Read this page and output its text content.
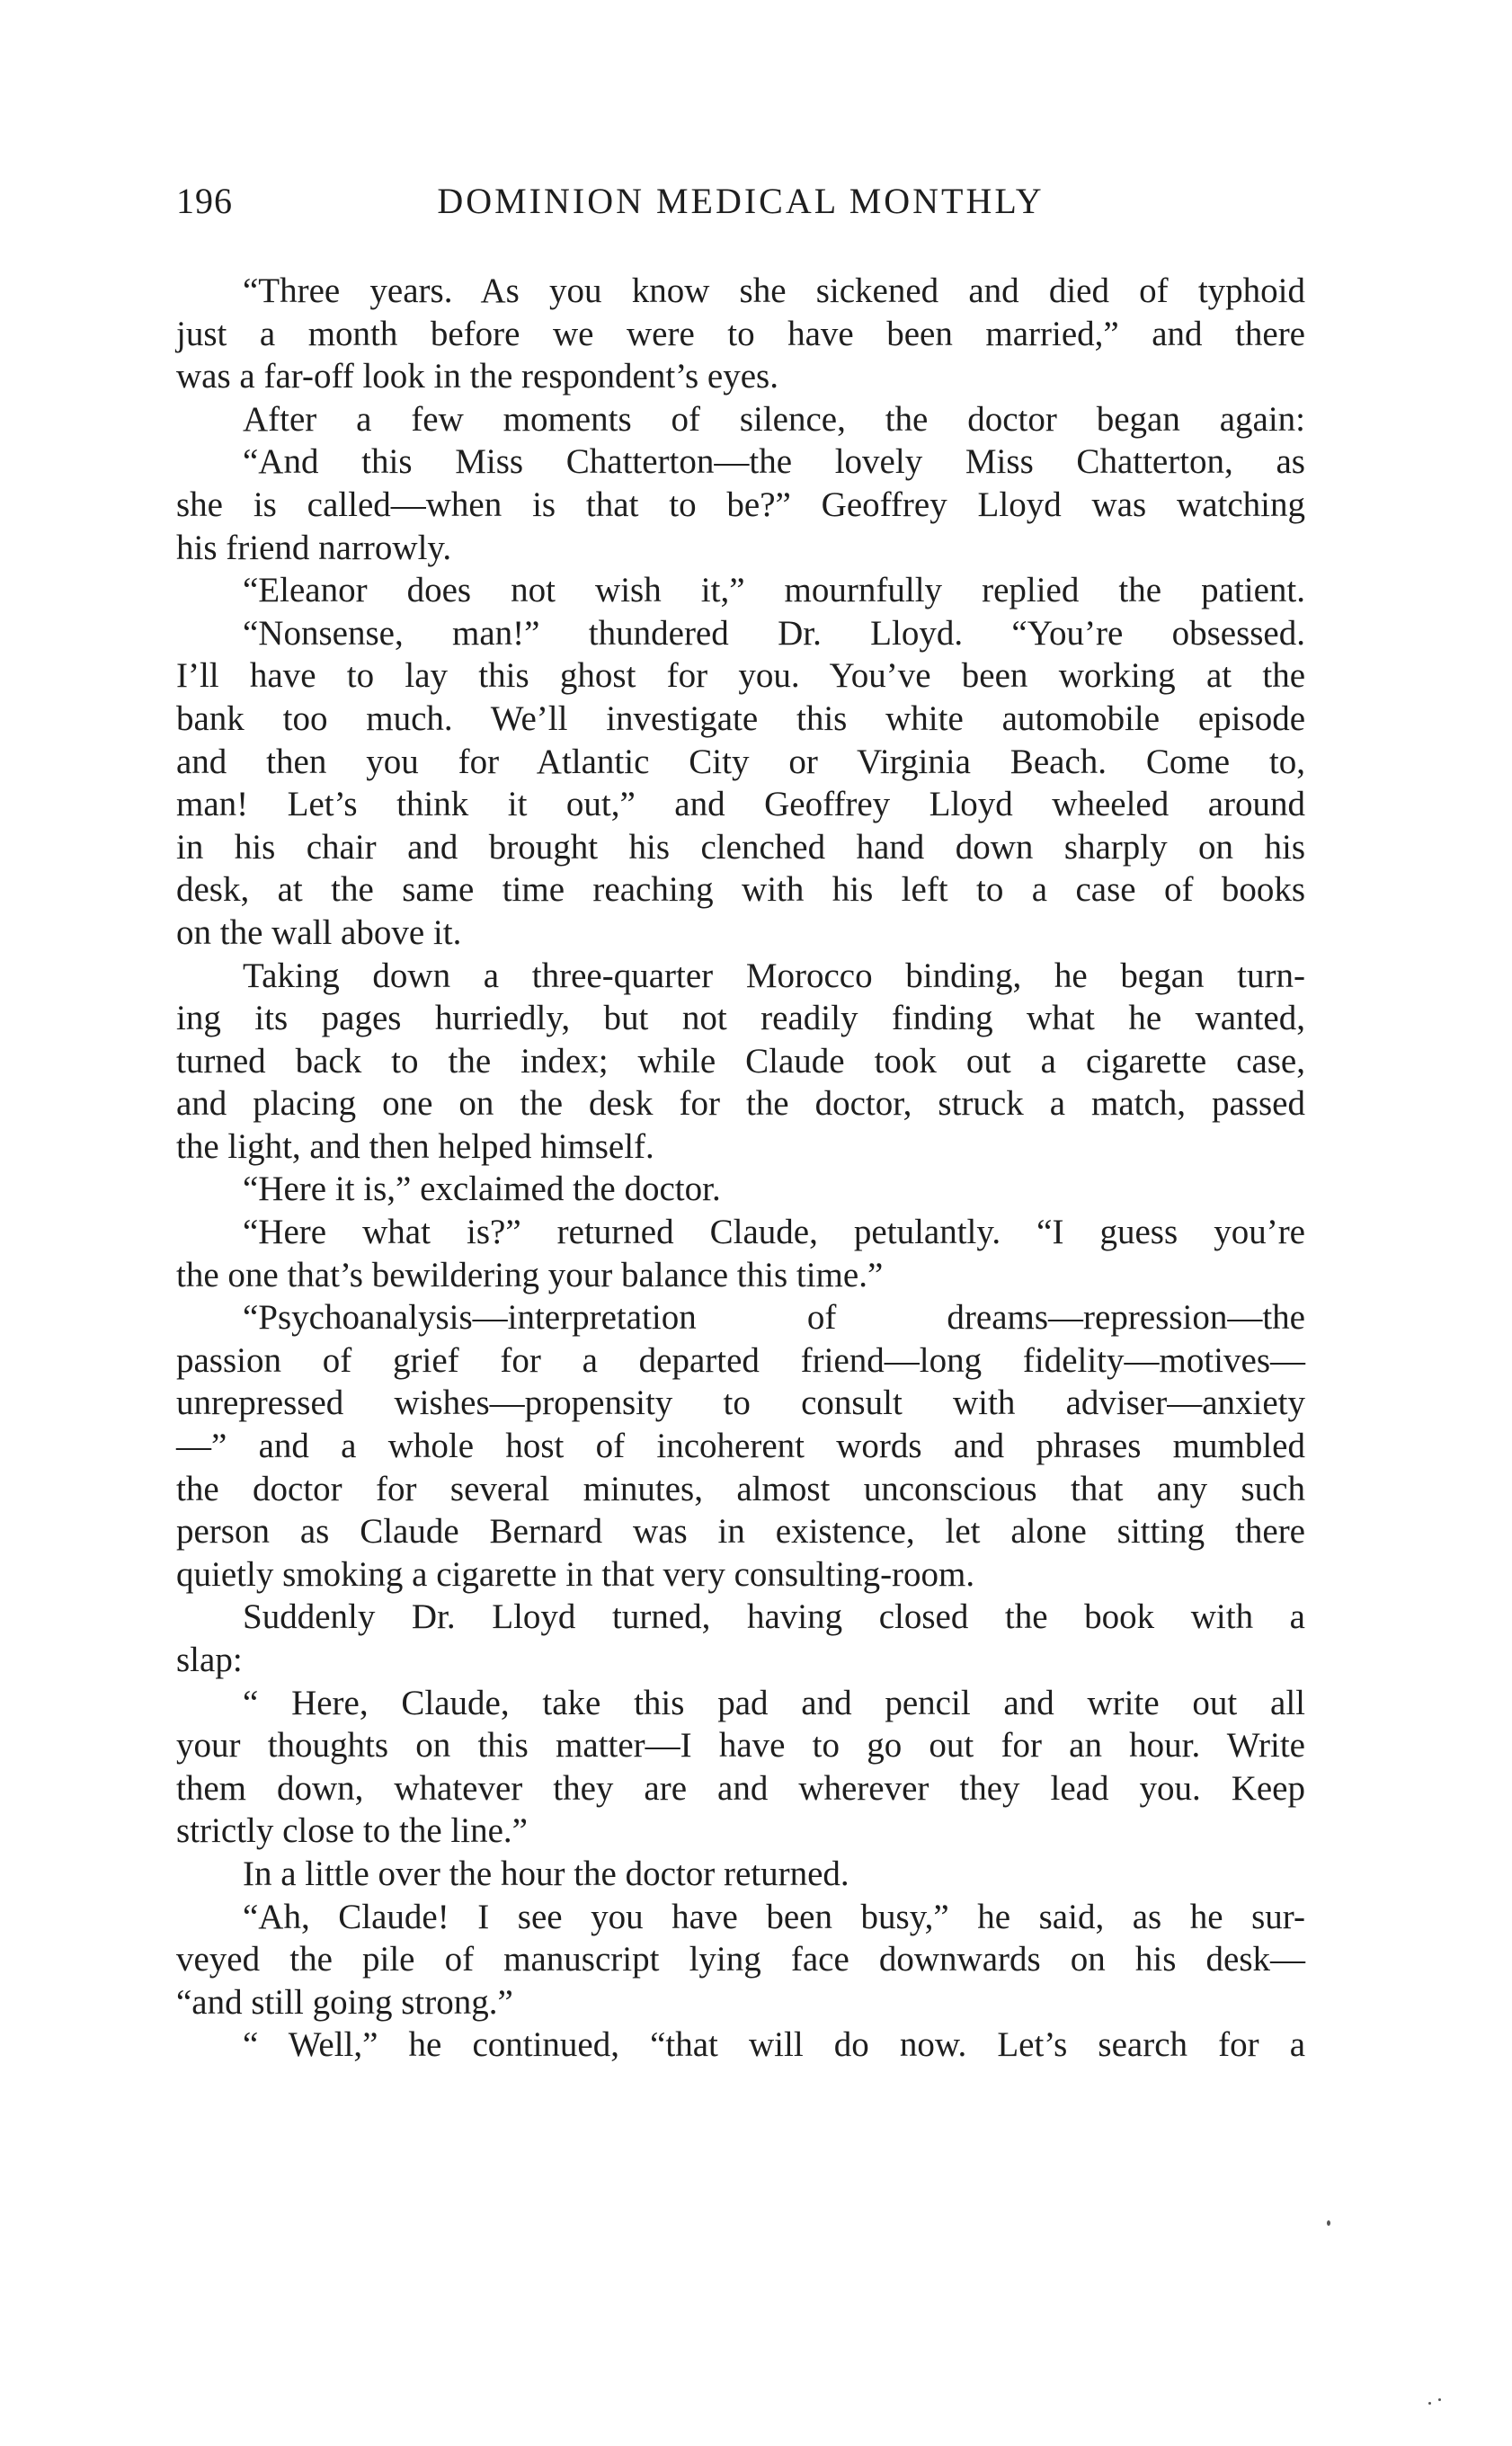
196	DOMINION MEDICAL MONTHLY
“Three years. As you know she sickened and died of typhoid
just a month before we were to have been married,” and there
was a far-off look in the respondent’s eyes.
After a few moments of silence, the doctor began again:
“And this Miss Chatterton—the lovely Miss Chatterton, as
she is called—when is that to be?” Geoffrey Lloyd was watching
his friend narrowly.
“Eleanor does not wish it,” mournfully replied the patient.
“Nonsense, man!” thundered Dr. Lloyd. “You’re obsessed.
I’ll have to lay this ghost for you. You’ve been working at the
bank too much. We’ll investigate this white automobile episode
and then you for Atlantic City or Virginia Beach. Come to,
man! Let’s think it out,” and Geoffrey Lloyd wheeled around
in his chair and brought his clenched hand down sharply on his
desk, at the same time reaching with his left to a case of books
on the wall above it.
Taking down a three-quarter Morocco binding, he began turn-
ing its pages hurriedly, but not readily finding what he wanted,
turned back to the index; while Claude took out a cigarette case,
and placing one on the desk for the doctor, struck a match, passed
the light, and then helped himself.
“Here it is,” exclaimed the doctor.
“Here what is?” returned Claude, petulantly. “I guess you’re
the one that’s bewildering your balance this time.”
“Psychoanalysis—interpretation of dreams—repression—the
passion of grief for a departed friend—long fidelity—motives—
unrepressed wishes—propensity to consult with adviser—anxiety
—” and a whole host of incoherent words and phrases mumbled
the doctor for several minutes, almost unconscious that any such
person as Claude Bernard was in existence, let alone sitting there
quietly smoking a cigarette in that very consulting-room.
Suddenly Dr. Lloyd turned, having closed the book with a
slap:
“ Here, Claude, take this pad and pencil and write out all
your thoughts on this matter—I have to go out for an hour. Write
them down, whatever they are and wherever they lead you. Keep
strictly close to the line.”
In a little over the hour the doctor returned.
“Ah, Claude! I see you have been busy,” he said, as he sur-
veyed the pile of manuscript lying face downwards on his desk—
“and still going strong.”
“ Well,” he continued, “that will do now. Let’s search for a
